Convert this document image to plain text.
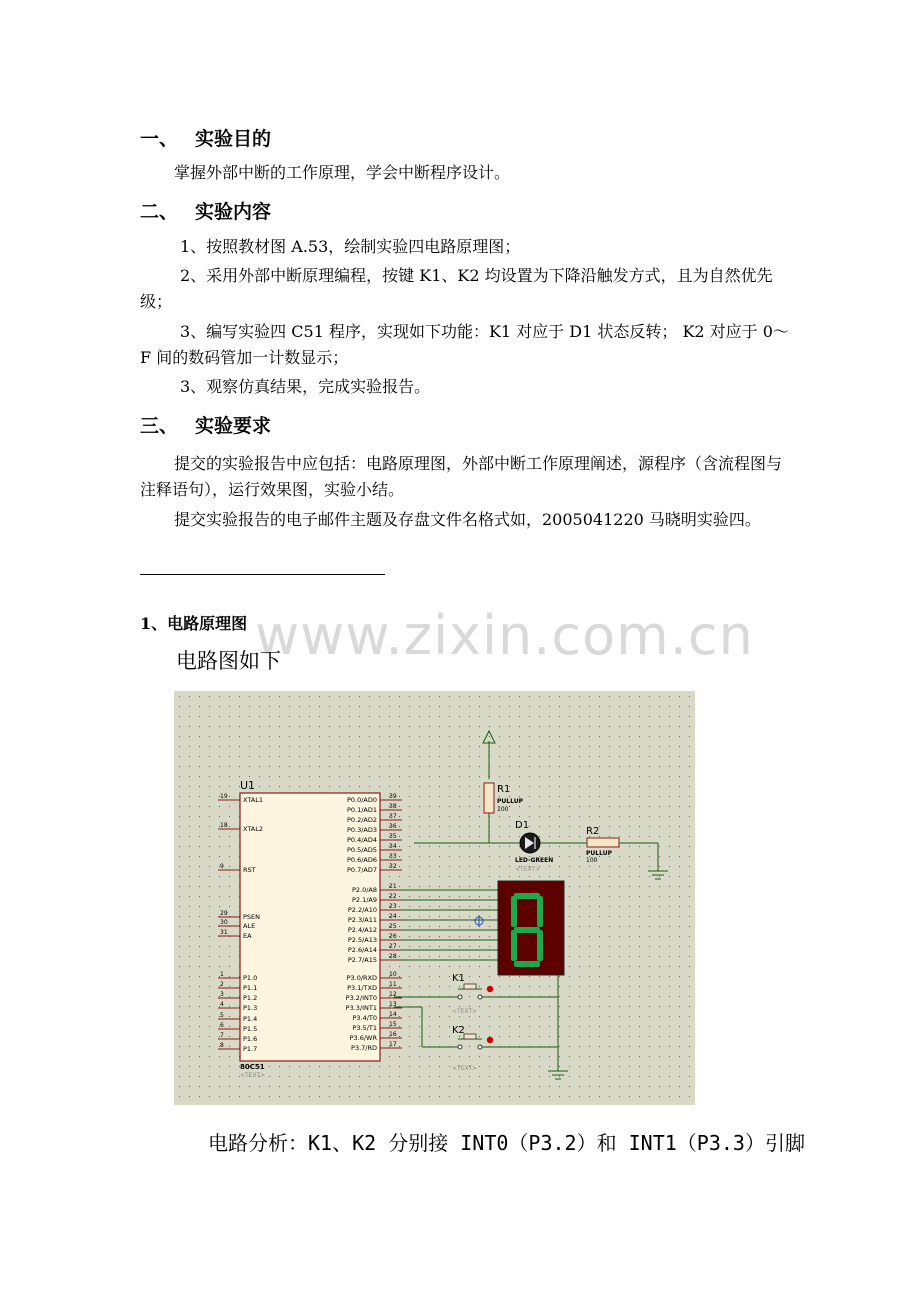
一、 实验目的
掌握外部中断的工作原理，学会中断程序设计。
二、 实验内容
1、按照教材图 A.53，绘制实验四电路原理图；
2、采用外部中断原理编程，按键 K1、K2 均设置为下降沿触发方式，且为自然优先级；
3、编写实验四 C51 程序，实现如下功能：K1 对应于 D1 状态反转； K2 对应于 0～F 间的数码管加一计数显示；
3、观察仿真结果，完成实验报告。
三、 实验要求
提交的实验报告中应包括：电路原理图，外部中断工作原理阐述，源程序（含流程图与注释语句），运行效果图，实验小结。
提交实验报告的电子邮件主题及存盘文件名格式如，2005041220 马晓明实验四。
www.zixin.com.cn
1、电路原理图
电路图如下
R1
PULLUP
100
D1
LED-GREEN
<TEXT>
R2
PULLUP
100
U1
80C51
<TEXT>
19 XTAL1
18 XTAL2
9	RST
29 PSEN
30 ALE
31 EA
1	P1.0
2	P1.1
3	P1.2
4	P1.3
5	P1.4
6	P1.5
7	P1.6
8	P1.7
39
P0.0/AD0
38
P0.1/AD1
37
P0.2/AD2
36
P0.3/AD3
35
P0.4/AD4
34
P0.5/AD5
33
P0.6/AD6
32
P0.7/AD7
21
P2.0/A8
22
P2.1/A9
23
P2.2/A10
24
P2.3/A11
25
P2.4/A12
26
P2.5/A13
27
P2.6/A14
28
P2.7/A15
10
P3.0/RXD
11
P3.1/TXD
12
P3.2/INT0
13
P3.3/INT1
14
P3.4/T0
15
P3.5/T1
16
P3.6/WR
17
P3.7/RD
K1
<TEXT>
K2
<TEXT>
电路分析：K1、K2 分别接 INT0（P3.2）和 INT1（P3.3）引脚
